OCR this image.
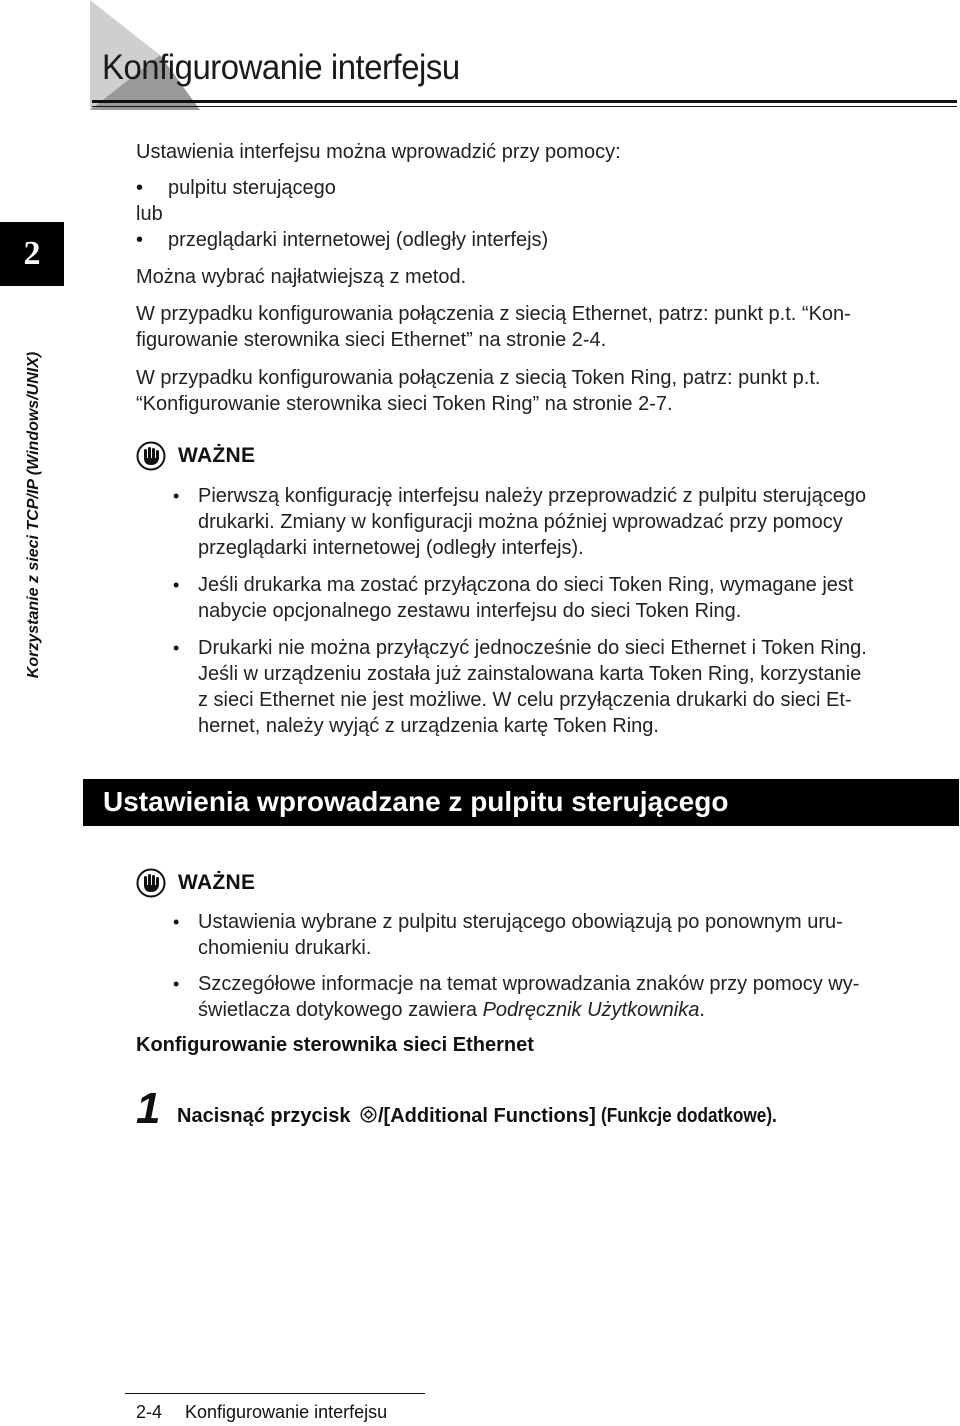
Konfigurowanie interfejsu
2
Korzystanie z sieci TCP/IP (Windows/UNIX)

Ustawienia interfejsu można wprowadzić przy pomocy:

• pulpitu sterującego

lub

• przeglądarki internetowej (odległy interfejs)

Można wybrać najłatwiejszą z metod.

W przypadku konfigurowania połączenia z siecią Ethernet, patrz: punkt p.t. “Kon-

figurowanie sterownika sieci Ethernet” na stronie 2-4.

W przypadku konfigurowania połączenia z siecią Token Ring, patrz: punkt p.t.

“Konfigurowanie sterownika sieci Token Ring” na stronie 2-7.

WAŻNE
• Pierwszą konfigurację interfejsu należy przeprowadzić z pulpitu sterującego
drukarki. Zmiany w konfiguracji można później wprowadzać przy pomocy
przeglądarki internetowej (odległy interfejs).
• Jeśli drukarka ma zostać przyłączona do sieci Token Ring, wymagane jest
nabycie opcjonalnego zestawu interfejsu do sieci Token Ring.
• Drukarki nie można przyłączyć jednocześnie do sieci Ethernet i Token Ring.
Jeśli w urządzeniu została już zainstalowana karta Token Ring, korzystanie
z sieci Ethernet nie jest możliwe. W celu przyłączenia drukarki do sieci Et-
hernet, należy wyjąć z urządzenia kartę Token Ring.
Ustawienia wprowadzane z pulpitu sterującego
WAŻNE
• Ustawienia wybrane z pulpitu sterującego obowiązują po ponownym uru-
chomieniu drukarki.
• Szczegółowe informacje na temat wprowadzania znaków przy pomocy wy-
świetlacza dotykowego zawiera Podręcznik Użytkownika.
Konfigurowanie sterownika sieci Ethernet
1 Nacisnąć przycisk /[Additional Functions] (Funkcje dodatkowe).
2-4 Konfigurowanie interfejsu
